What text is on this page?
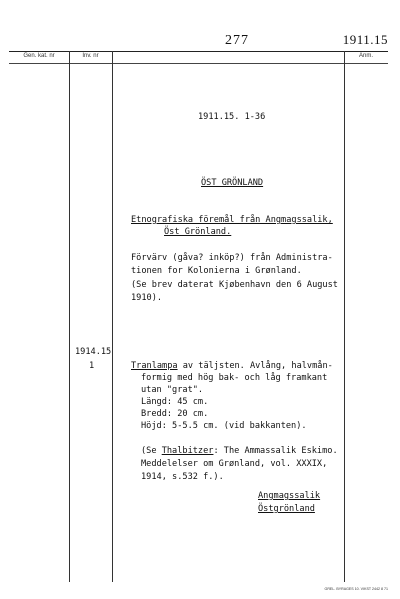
277	1911.15
Gen. kat. nr	Inv. nr	Anm.
1911.15. 1-36
ÖST GRÖNLAND
Etnografiska föremål från Angmagssalik,
Öst Grönland.
Förvärv (gåva? inköp?) från Administra-
tionen for Kolonierna i Grønland.
(Se brev daterat Kjøbenhavn den 6 August
1910).
1914.15
1	Tranlampa av täljsten. Avlång, halvmån-
formig med hög bak- och låg framkant
utan "grat".
Längd: 45 cm.
Bredd: 20 cm.
Höjd: 5-5.5 cm. (vid bakkanten).
(Se Thalbitzer: The Ammassalik Eskimo.
Meddelelser om Grønland, vol. XXXIX,
1914, s.532 f.).
Angmagssalik
Östgrönland
GREL. BYRAGES 10. VIKST 2442 8 71
